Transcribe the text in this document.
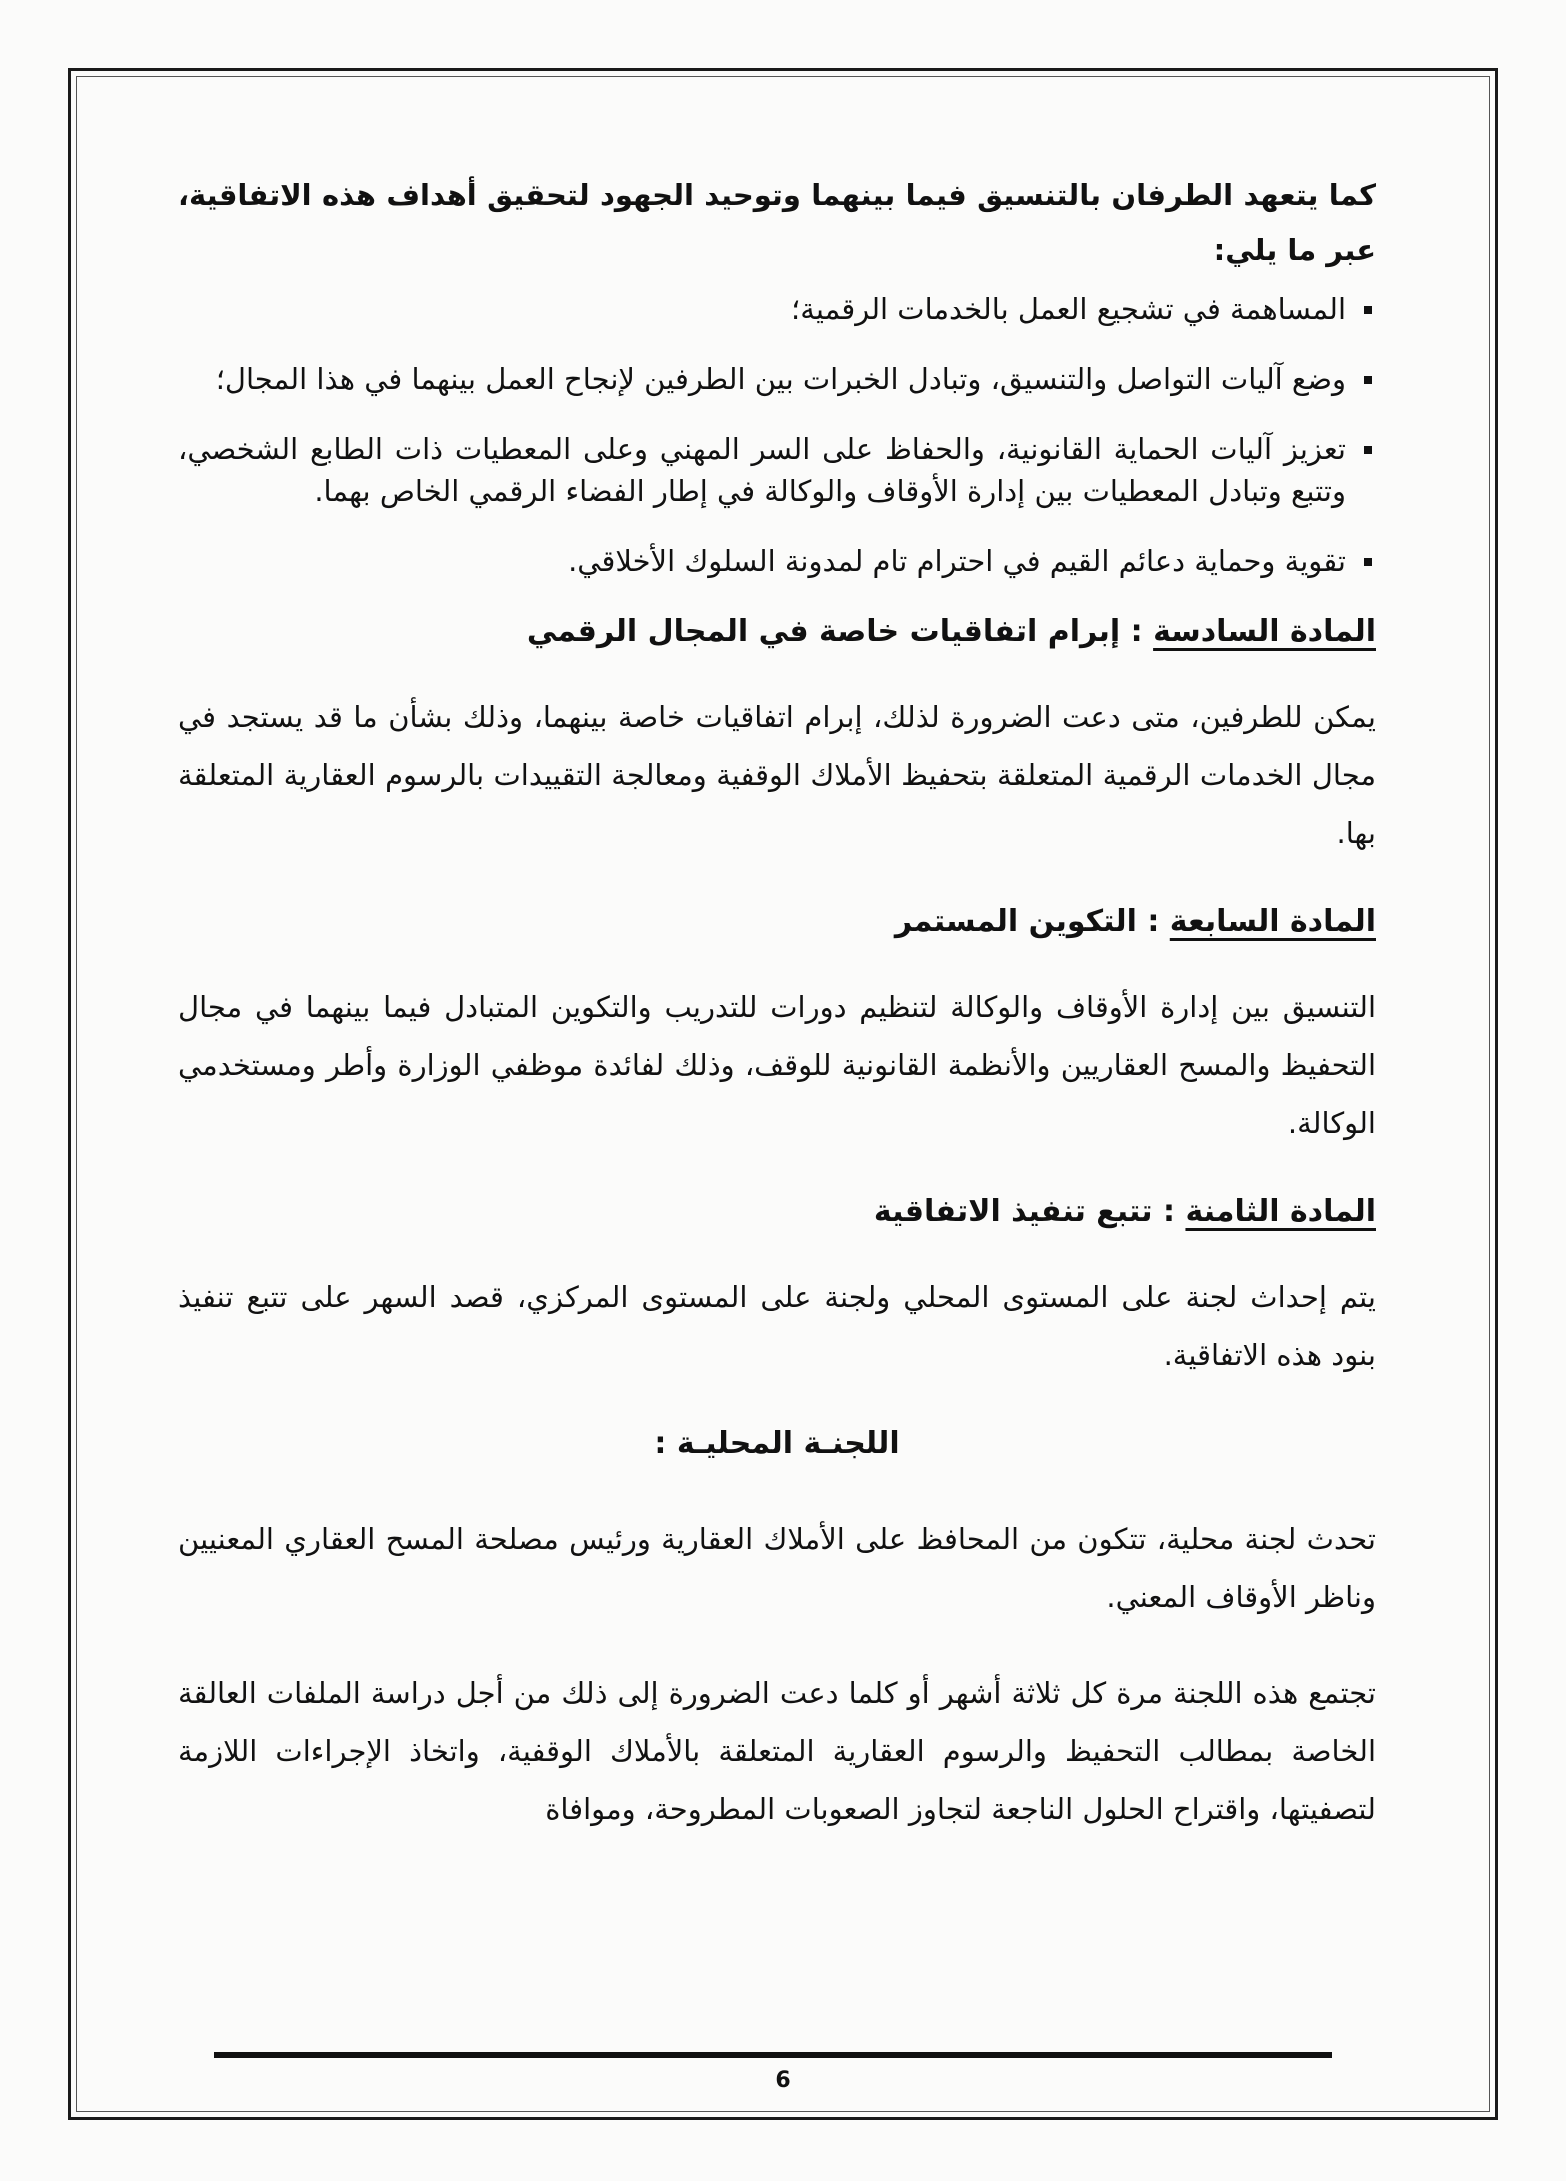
كما يتعهد الطرفان بالتنسيق فيما بينهما وتوحيد الجهود لتحقيق أهداف هذه الاتفاقية، عبر ما يلي:

المساهمة في تشجيع العمل بالخدمات الرقمية؛
وضع آليات التواصل والتنسيق، وتبادل الخبرات بين الطرفين لإنجاح العمل بينهما في هذا المجال؛
تعزيز آليات الحماية القانونية، والحفاظ على السر المهني وعلى المعطيات ذات الطابع الشخصي، وتتبع وتبادل المعطيات بين إدارة الأوقاف والوكالة في إطار الفضاء الرقمي الخاص بهما.
تقوية وحماية دعائم القيم في احترام تام لمدونة السلوك الأخلاقي.
المادة السادسة : إبرام اتفاقيات خاصة في المجال الرقمي

يمكن للطرفين، متى دعت الضرورة لذلك، إبرام اتفاقيات خاصة بينهما، وذلك بشأن ما قد يستجد في مجال الخدمات الرقمية المتعلقة بتحفيظ الأملاك الوقفية ومعالجة التقييدات بالرسوم العقارية المتعلقة بها.

المادة السابعة : التكوين المستمر

التنسيق بين إدارة الأوقاف والوكالة لتنظيم دورات للتدريب والتكوين المتبادل فيما بينهما في مجال التحفيظ والمسح العقاريين والأنظمة القانونية للوقف، وذلك لفائدة موظفي الوزارة وأطر ومستخدمي الوكالة.

المادة الثامنة : تتبع تنفيذ الاتفاقية

يتم إحداث لجنة على المستوى المحلي ولجنة على المستوى المركزي، قصد السهر على تتبع تنفيذ بنود هذه الاتفاقية.

اللجنـة المحليـة :

تحدث لجنة محلية، تتكون من المحافظ على الأملاك العقارية ورئيس مصلحة المسح العقاري المعنيين وناظر الأوقاف المعني.

تجتمع هذه اللجنة مرة كل ثلاثة أشهر أو كلما دعت الضرورة إلى ذلك من أجل دراسة الملفات العالقة الخاصة بمطالب التحفيظ والرسوم العقارية المتعلقة بالأملاك الوقفية، واتخاذ الإجراءات اللازمة لتصفيتها، واقتراح الحلول الناجعة لتجاوز الصعوبات المطروحة، وموافاة

6
